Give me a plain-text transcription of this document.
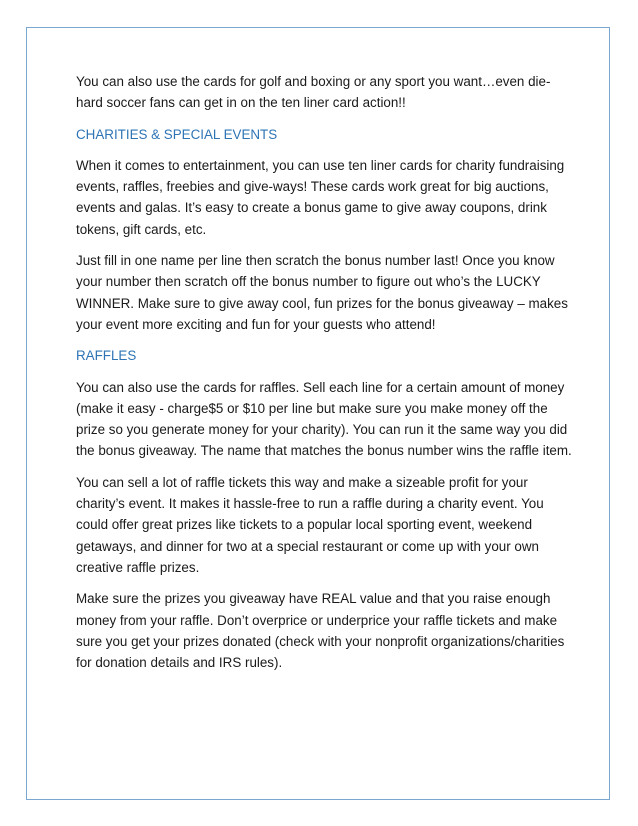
You can also use the cards for golf and boxing or any sport you want…even die-hard soccer fans can get in on the ten liner card action!!

CHARITIES & SPECIAL EVENTS

When it comes to entertainment, you can use ten liner cards for charity fundraising events, raffles, freebies and give-ways! These cards work great for big auctions, events and galas. It’s easy to create a bonus game to give away coupons, drink tokens, gift cards, etc.

Just fill in one name per line then scratch the bonus number last! Once you know your number then scratch off the bonus number to figure out who’s the LUCKY WINNER. Make sure to give away cool, fun prizes for the bonus giveaway – makes your event more exciting and fun for your guests who attend!

RAFFLES

You can also use the cards for raffles. Sell each line for a certain amount of money (make it easy - charge$5 or $10 per line but make sure you make money off the prize so you generate money for your charity). You can run it the same way you did the bonus giveaway. The name that matches the bonus number wins the raffle item.

You can sell a lot of raffle tickets this way and make a sizeable profit for your charity’s event. It makes it hassle-free to run a raffle during a charity event. You could offer great prizes like tickets to a popular local sporting event, weekend getaways, and dinner for two at a special restaurant or come up with your own creative raffle prizes.

Make sure the prizes you giveaway have REAL value and that you raise enough money from your raffle. Don’t overprice or underprice your raffle tickets and make sure you get your prizes donated (check with your nonprofit organizations/charities for donation details and IRS rules).
